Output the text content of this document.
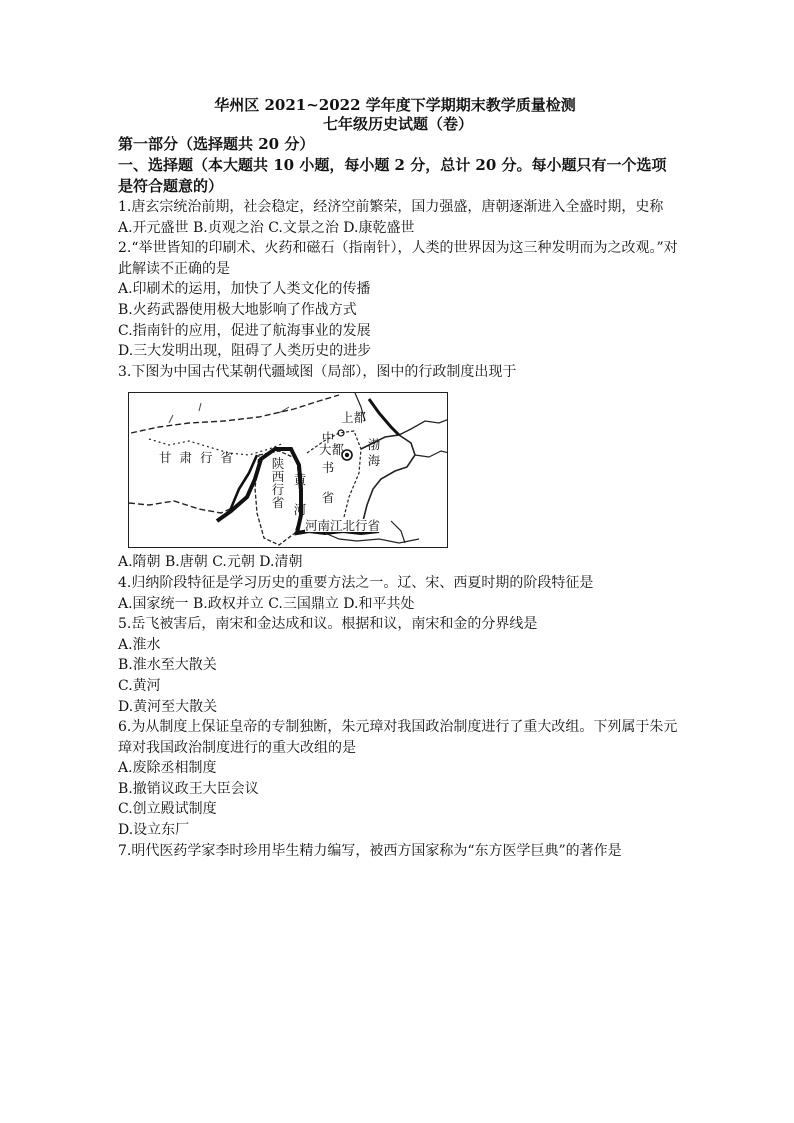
华州区 2021~2022 学年度下学期期末教学质量检测
七年级历史试题（卷）
第一部分（选择题共 20 分）
一、选择题（本大题共 10 小题，每小题 2 分，总计 20 分。每小题只有一个选项是符合题意的）
1.唐玄宗统治前期，社会稳定，经济空前繁荣，国力强盛，唐朝逐渐进入全盛时期，史称
A.开元盛世 B.贞观之治 C.文景之治 D.康乾盛世
2.“举世皆知的印刷术、火药和磁石（指南针），人类的世界因为这三种发明而为之改观。”对此解读不正确的是
A.印刷术的运用，加快了人类文化的传播
B.火药武器使用极大地影响了作战方式
C.指南针的应用，促进了航海事业的发展
D.三大发明出现，阻碍了人类历史的进步
3.下图为中国古代某朝代疆域图（局部），图中的行政制度出现于
甘 肃 行 省	陕西行省
黄河
上都
大都
中书省
渤海
河南江北行省
A.隋朝 B.唐朝 C.元朝 D.清朝
4.归纳阶段特征是学习历史的重要方法之一。辽、宋、西夏时期的阶段特征是
A.国家统一 B.政权并立 C.三国鼎立 D.和平共处
5.岳飞被害后，南宋和金达成和议。根据和议，南宋和金的分界线是
A.淮水
B.淮水至大散关
C.黄河
D.黄河至大散关
6.为从制度上保证皇帝的专制独断，朱元璋对我国政治制度进行了重大改组。下列属于朱元璋对我国政治制度进行的重大改组的是
A.废除丞相制度
B.撤销议政王大臣会议
C.创立殿试制度
D.设立东厂
7.明代医药学家李时珍用毕生精力编写，被西方国家称为“东方医学巨典”的著作是
